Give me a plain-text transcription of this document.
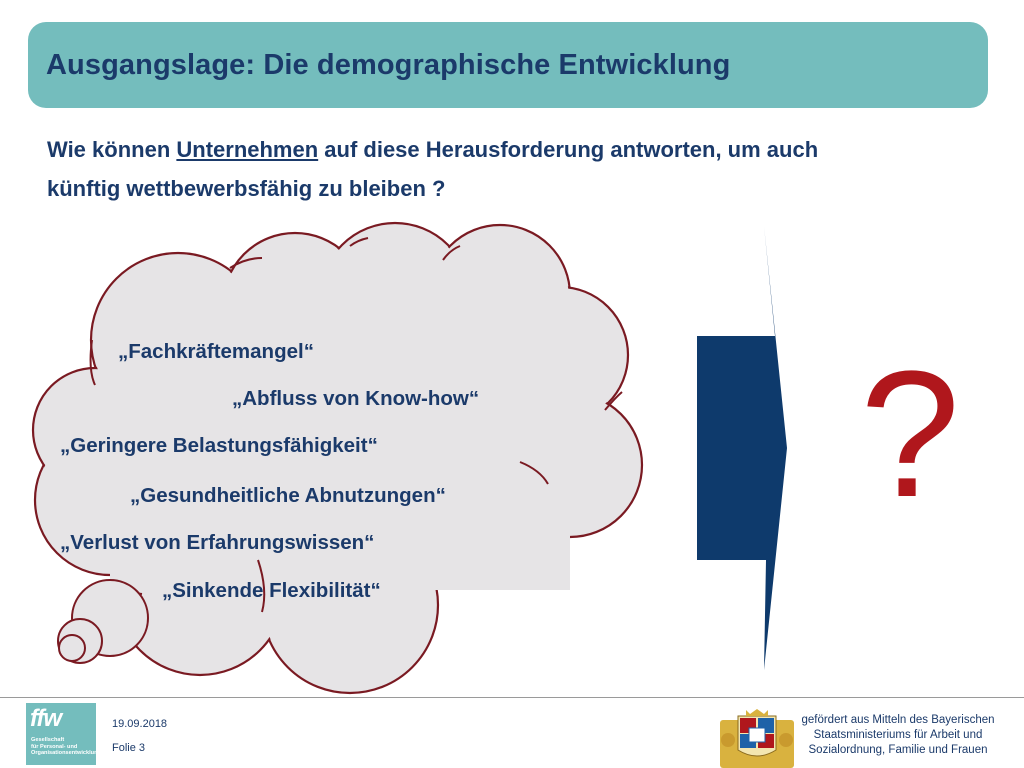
Ausgangslage: Die demographische Entwicklung
Wie können Unternehmen auf diese Herausforderung antworten, um auch
künftig wettbewerbsfähig zu bleiben ?
„Fachkräftemangel“
„Abfluss von Know-how“
„Geringere Belastungsfähigkeit“
„Gesundheitliche Abnutzungen“
„Verlust von Erfahrungswissen“
„Sinkende Flexibilität“
?
ffw
Gesellschaft
für Personal- und
Organisationsentwicklung
19.09.2018
Folie 3
gefördert aus Mitteln des Bayerischen
Staatsministeriums für Arbeit und
Sozialordnung, Familie und Frauen
